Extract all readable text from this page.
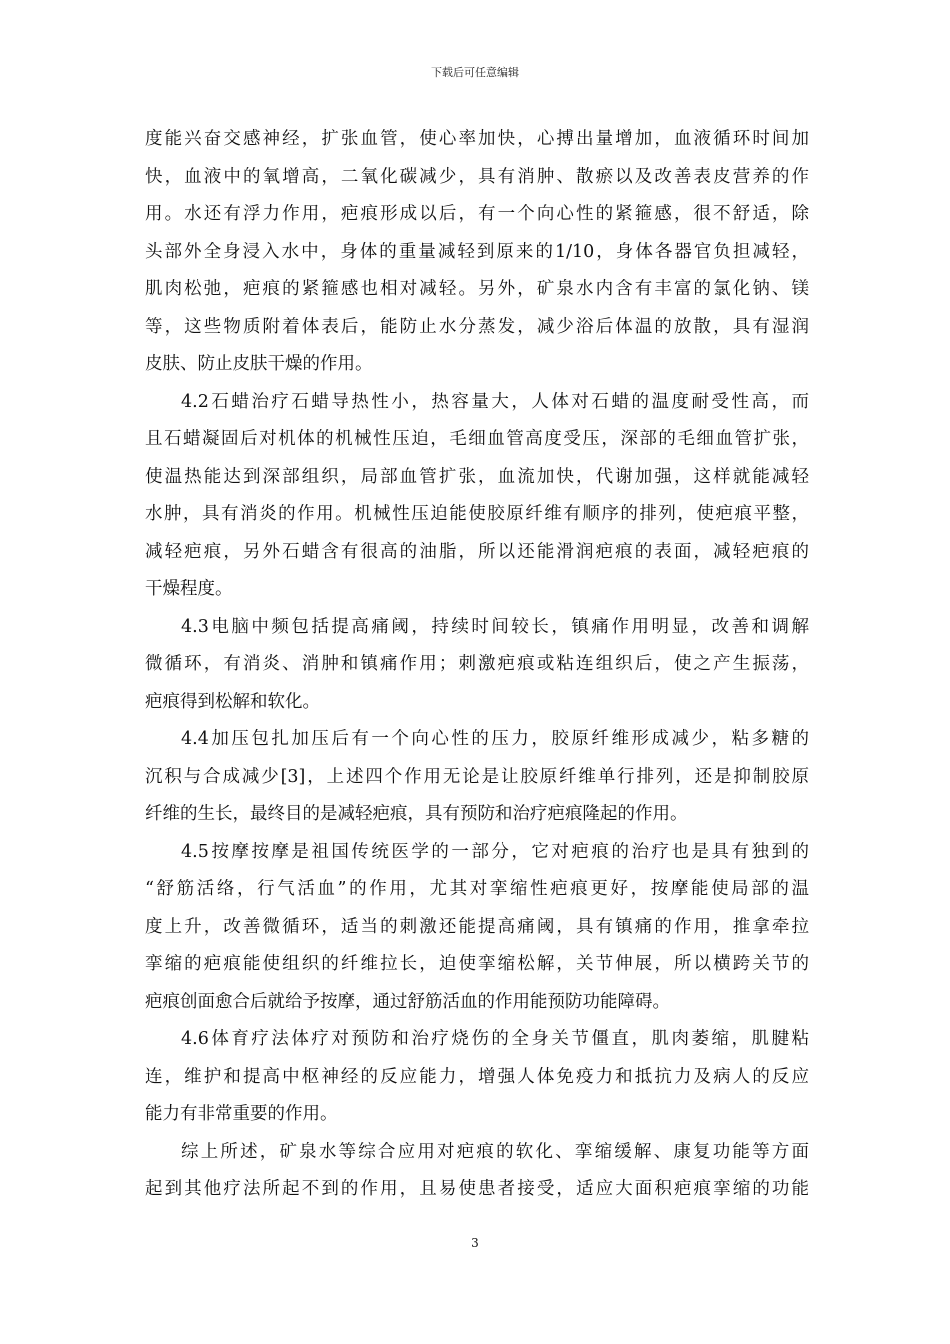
下载后可任意编辑
度能兴奋交感神经，扩张血管，使心率加快，心搏出量增加，血液循环时间加
快，血液中的氧增高，二氧化碳减少，具有消肿、散瘀以及改善表皮营养的作
用。水还有浮力作用，疤痕形成以后，有一个向心性的紧箍感，很不舒适，除
头部外全身浸入水中，身体的重量减轻到原来的1/10，身体各器官负担减轻，
肌肉松弛，疤痕的紧箍感也相对减轻。另外，矿泉水内含有丰富的氯化钠、镁
等，这些物质附着体表后，能防止水分蒸发，减少浴后体温的放散，具有湿润
皮肤、防止皮肤干燥的作用。
4.2石蜡治疗石蜡导热性小，热容量大，人体对石蜡的温度耐受性高，而
且石蜡凝固后对机体的机械性压迫，毛细血管高度受压，深部的毛细血管扩张，
使温热能达到深部组织，局部血管扩张，血流加快，代谢加强，这样就能减轻
水肿，具有消炎的作用。机械性压迫能使胶原纤维有顺序的排列，使疤痕平整，
减轻疤痕，另外石蜡含有很高的油脂，所以还能滑润疤痕的表面，减轻疤痕的
干燥程度。
4.3电脑中频包括提高痛阈，持续时间较长，镇痛作用明显，改善和调解
微循环，有消炎、消肿和镇痛作用；刺激疤痕或粘连组织后，使之产生振荡，
疤痕得到松解和软化。
4.4加压包扎加压后有一个向心性的压力，胶原纤维形成减少，粘多糖的
沉积与合成减少[3]，上述四个作用无论是让胶原纤维单行排列，还是抑制胶原
纤维的生长，最终目的是减轻疤痕，具有预防和治疗疤痕隆起的作用。
4.5按摩按摩是祖国传统医学的一部分，它对疤痕的治疗也是具有独到的
“舒筋活络，行气活血”的作用，尤其对挛缩性疤痕更好，按摩能使局部的温
度上升，改善微循环，适当的刺激还能提高痛阈，具有镇痛的作用，推拿牵拉
挛缩的疤痕能使组织的纤维拉长，迫使挛缩松解，关节伸展，所以横跨关节的
疤痕创面愈合后就给予按摩，通过舒筋活血的作用能预防功能障碍。
4.6体育疗法体疗对预防和治疗烧伤的全身关节僵直，肌肉萎缩，肌腱粘
连，维护和提高中枢神经的反应能力，增强人体免疫力和抵抗力及病人的反应
能力有非常重要的作用。
综上所述，矿泉水等综合应用对疤痕的软化、挛缩缓解、康复功能等方面
起到其他疗法所起不到的作用，且易使患者接受，适应大面积疤痕挛缩的功能
3
